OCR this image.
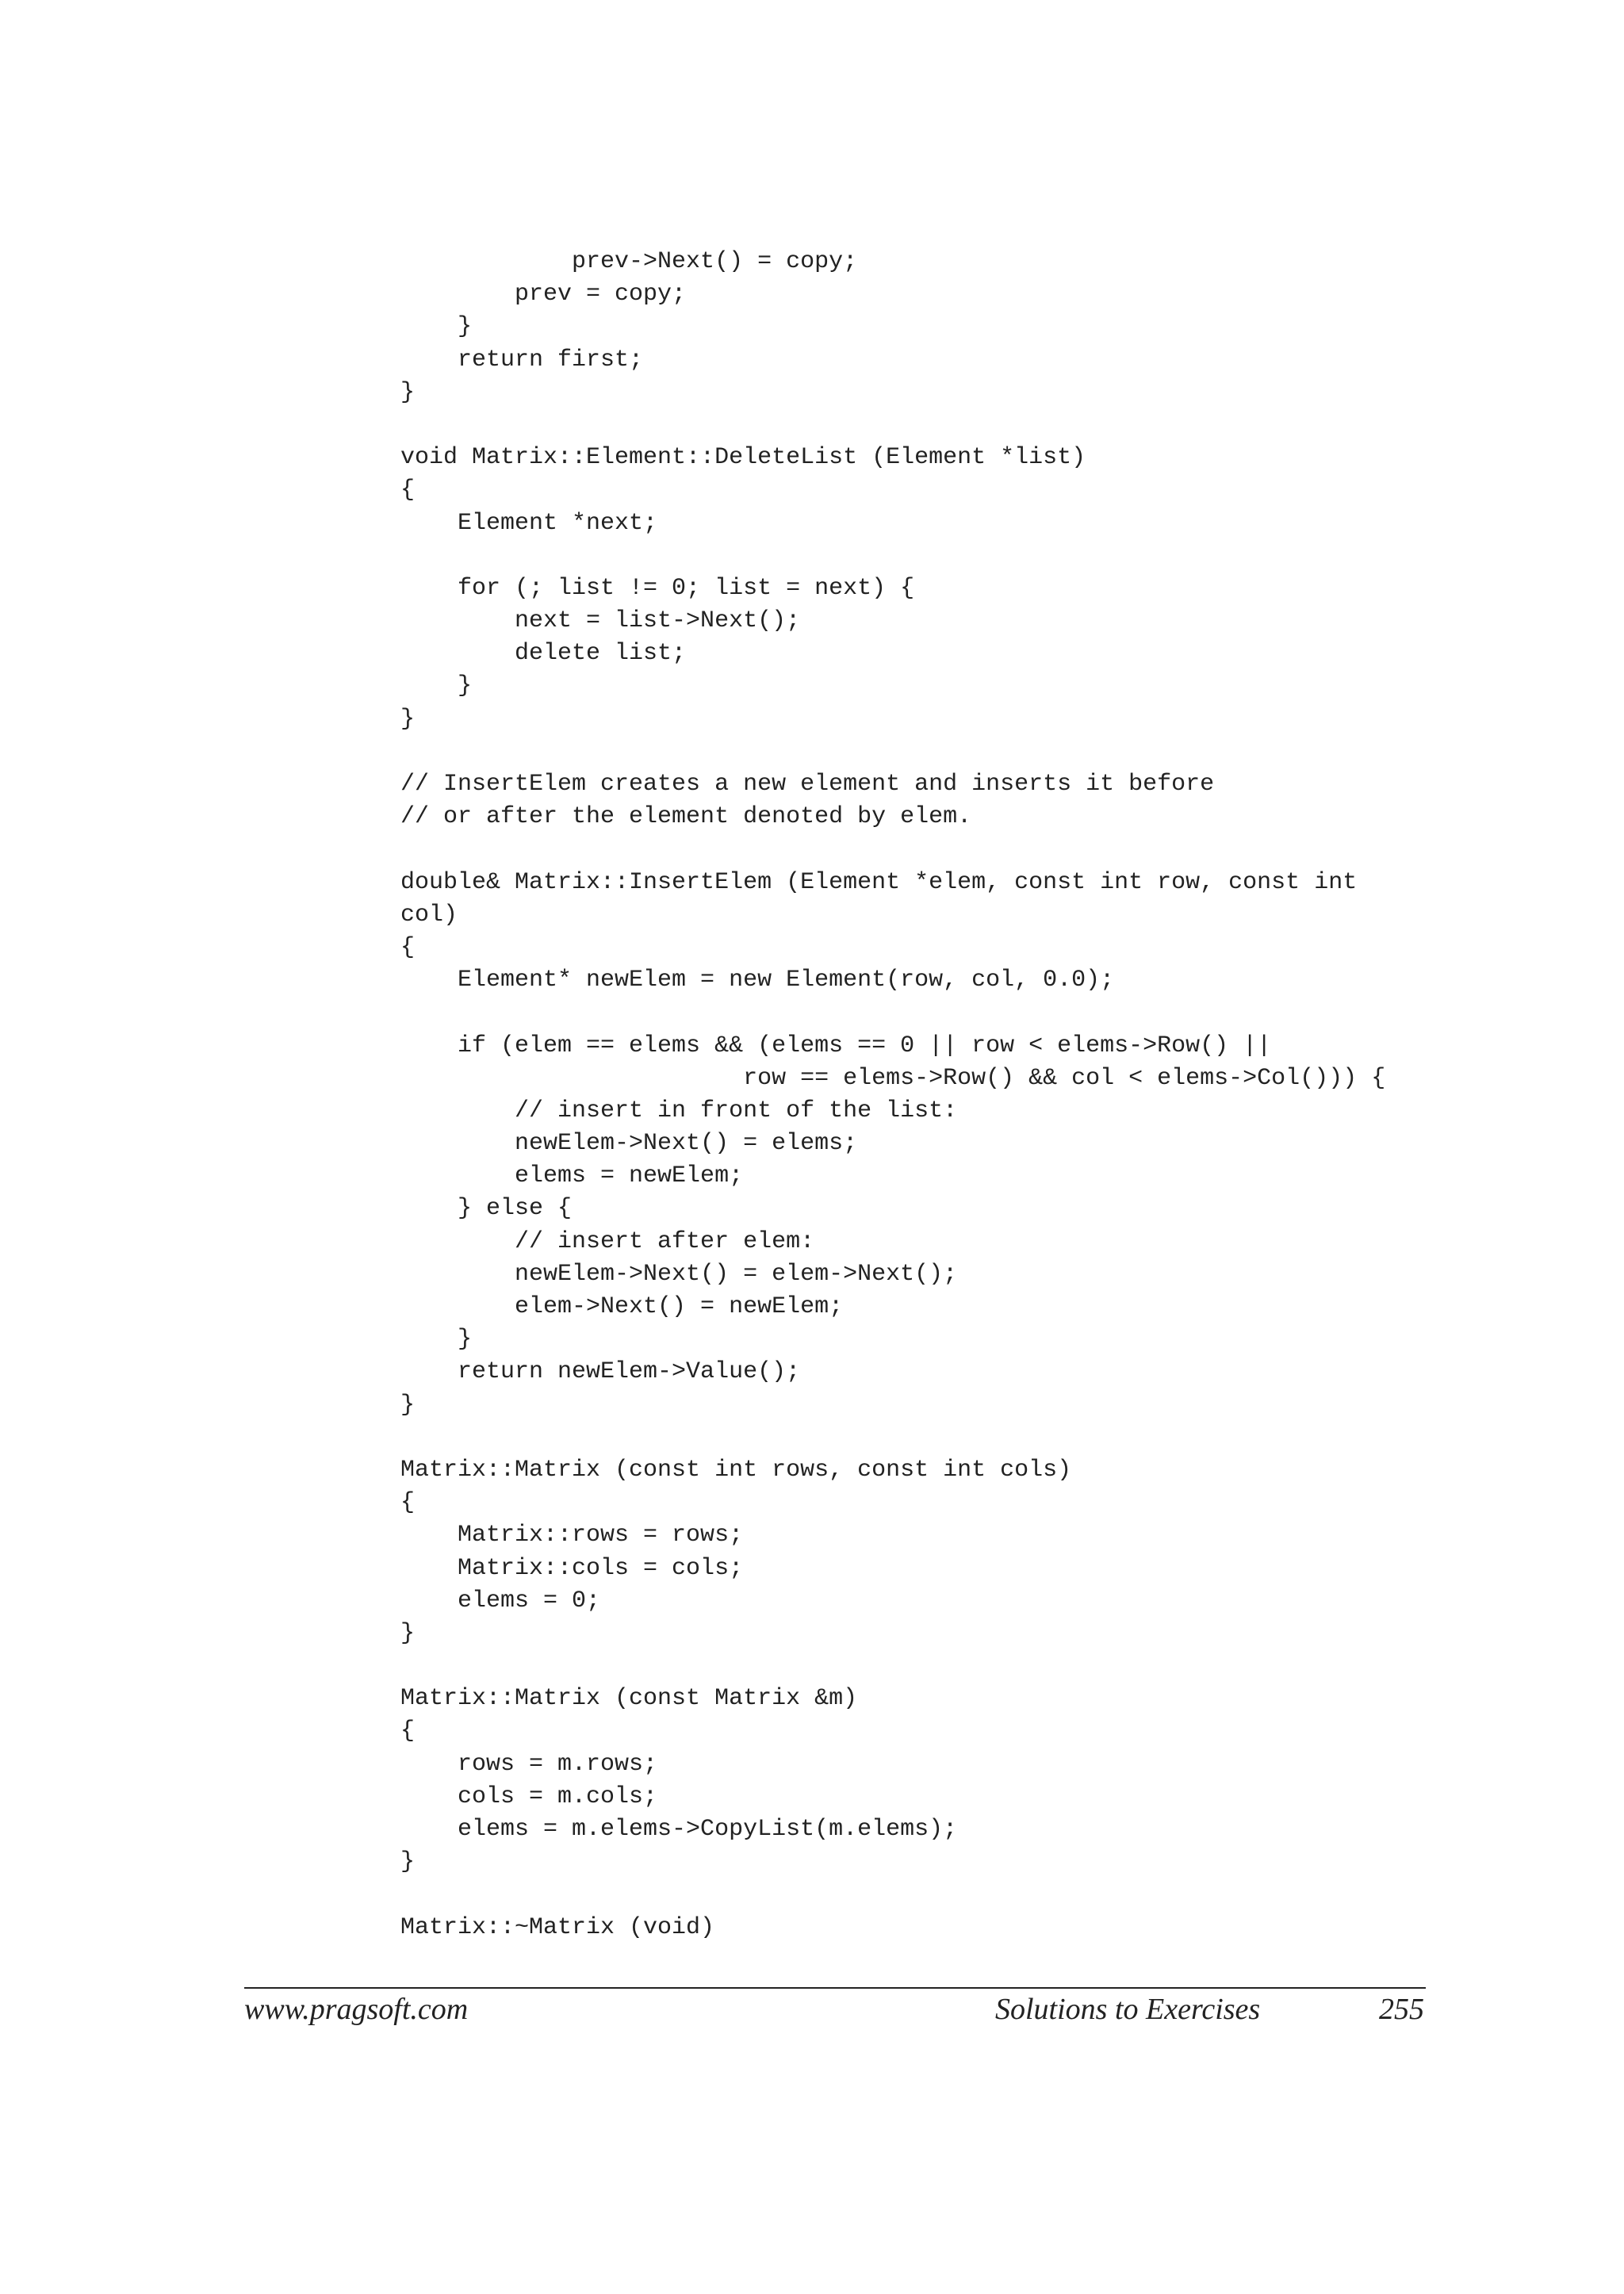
prev->Next() = copy;
prev = copy;
}
return first;
}
void Matrix::Element::DeleteList (Element *list)
{
Element *next;
for (; list != 0; list = next) {
next = list->Next();
delete list;
}
}
// InsertElem creates a new element and inserts it before
// or after the element denoted by elem.
double& Matrix::InsertElem (Element *elem, const int row, const int
col)
{
Element* newElem = new Element(row, col, 0.0);
if (elem == elems && (elems == 0 || row < elems->Row() ||
row == elems->Row() && col < elems->Col())) {
// insert in front of the list:
newElem->Next() = elems;
elems = newElem;
} else {
// insert after elem:
newElem->Next() = elem->Next();
elem->Next() = newElem;
}
return newElem->Value();
}
Matrix::Matrix (const int rows, const int cols)
{
Matrix::rows = rows;
Matrix::cols = cols;
elems = 0;
}
Matrix::Matrix (const Matrix &m)
{
rows = m.rows;
cols = m.cols;
elems = m.elems->CopyList(m.elems);
}
Matrix::~Matrix (void)
www.pragsoft.com	Solutions to Exercises	255
